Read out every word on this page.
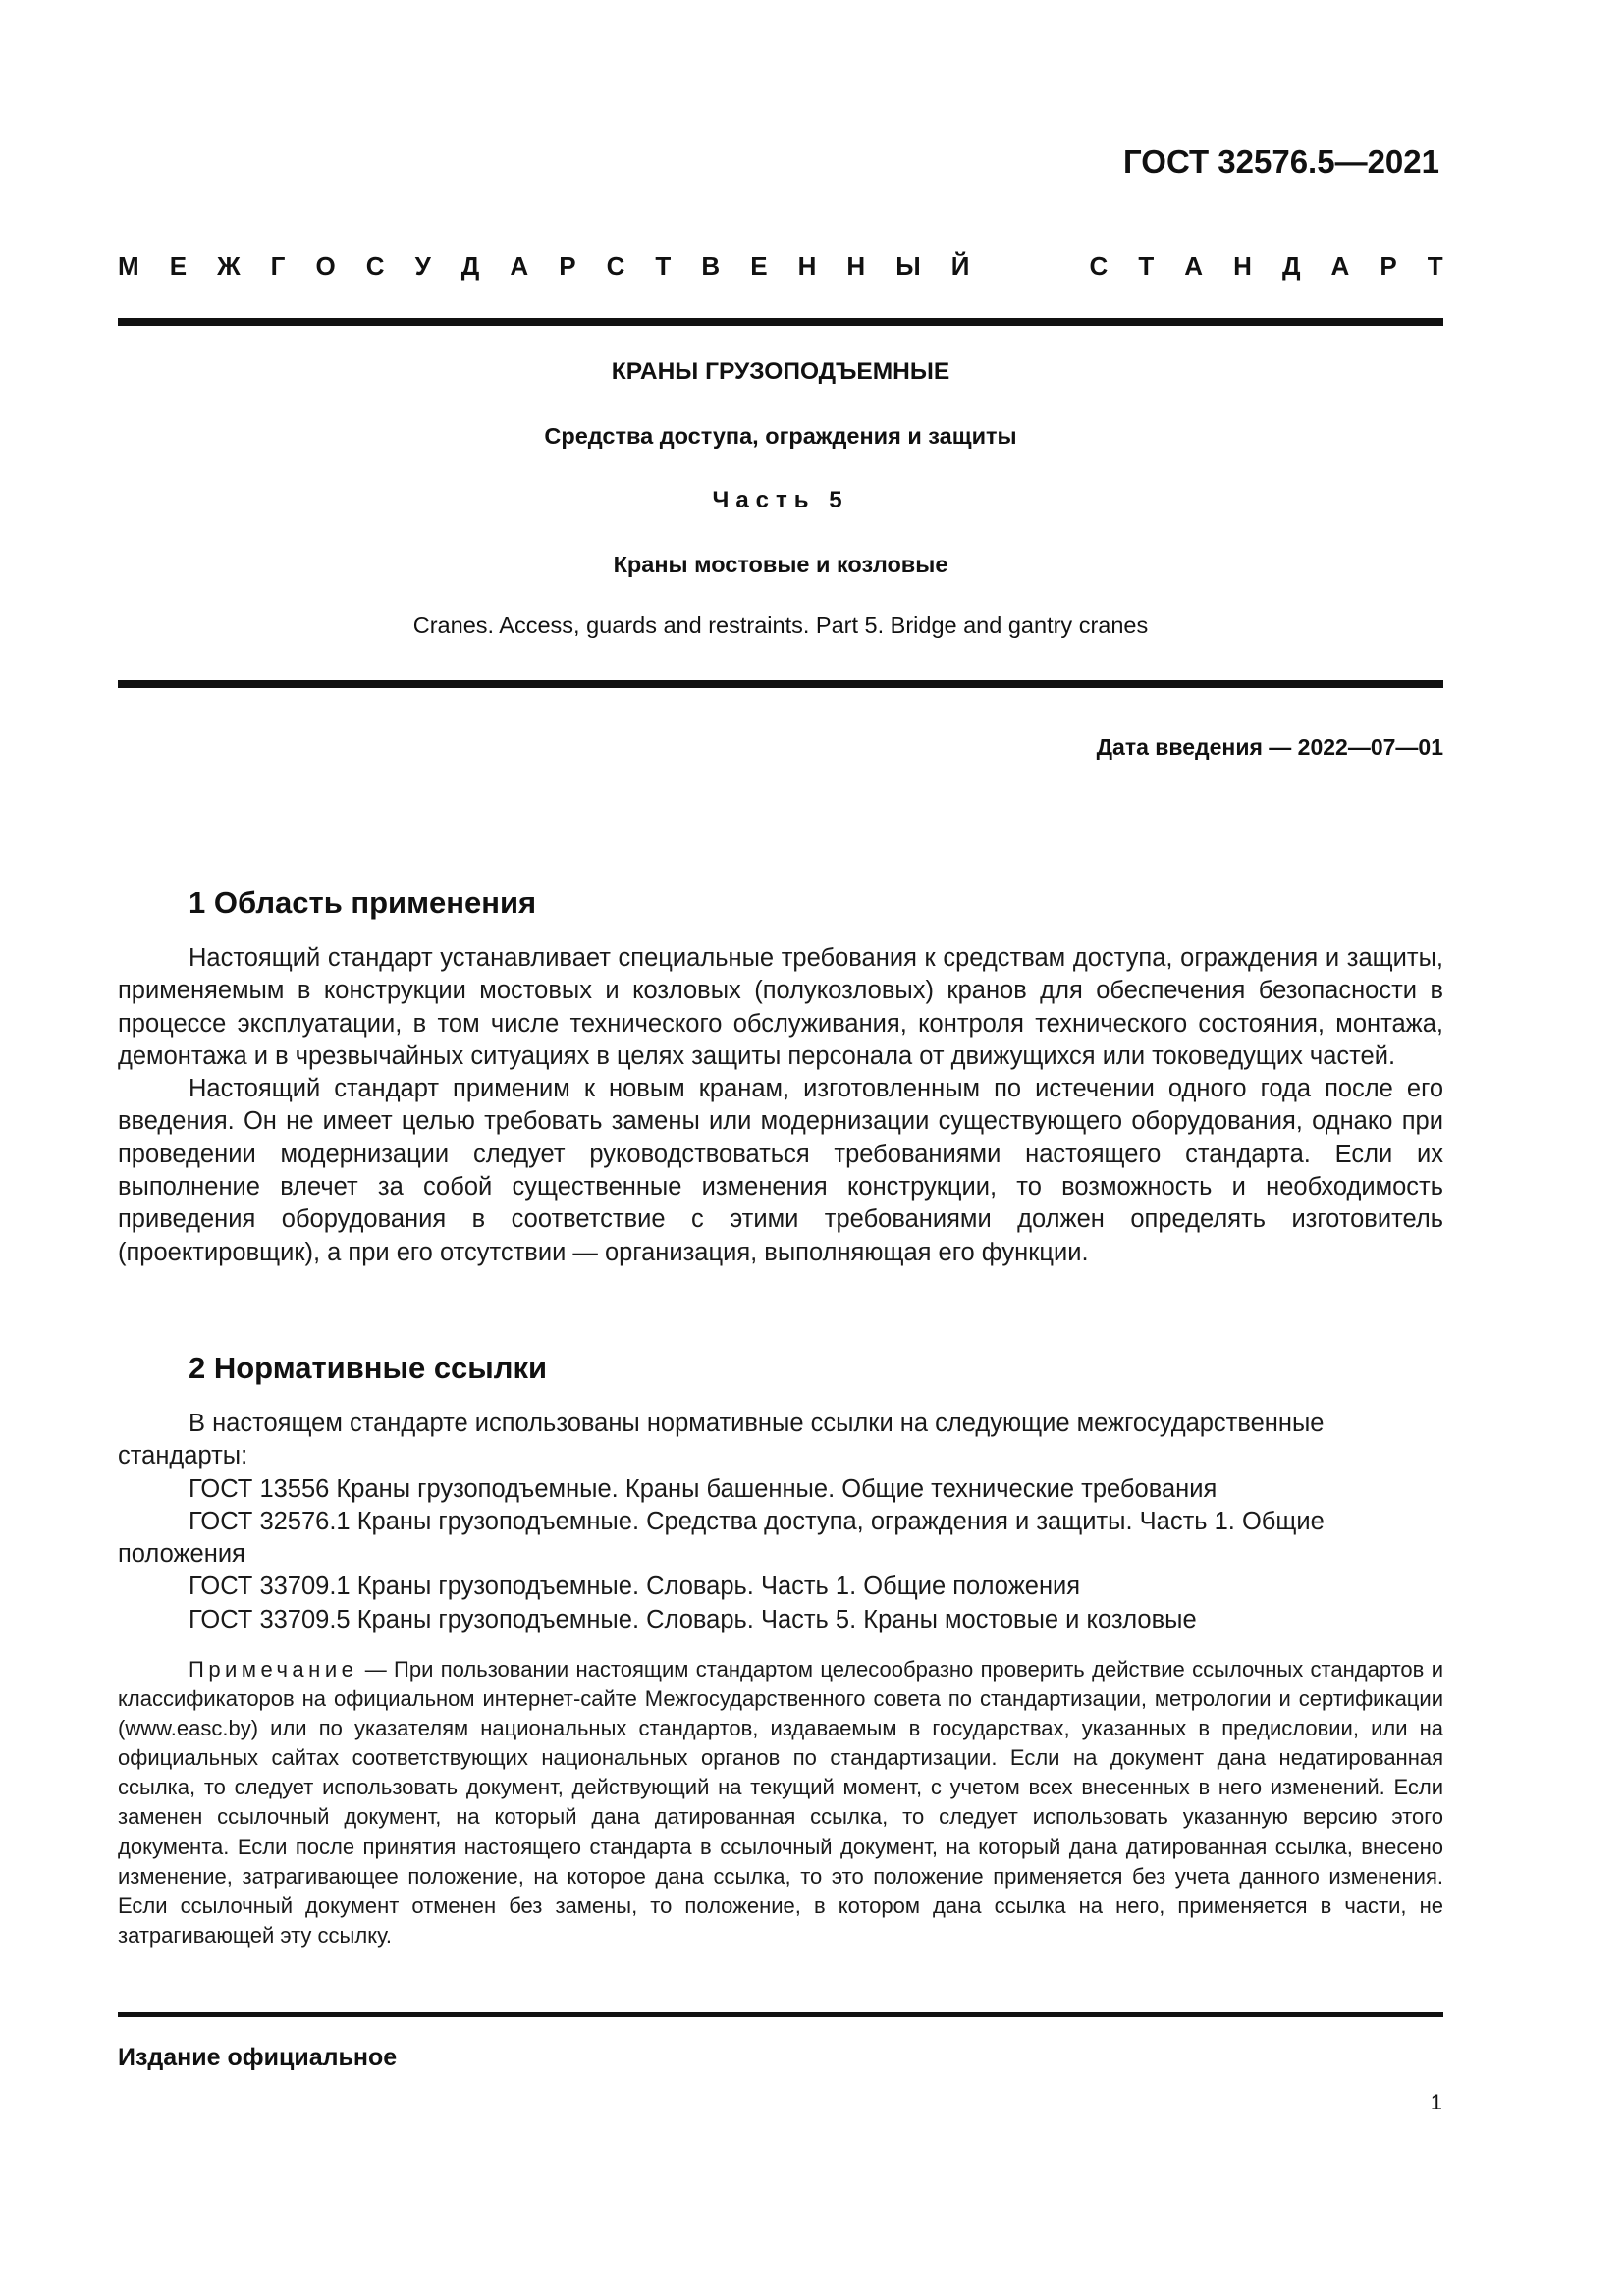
ГОСТ 32576.5—2021
М Е Ж Г О С У Д А Р С Т В Е Н Н Ы Й	С Т А Н Д А Р Т
КРАНЫ ГРУЗОПОДЪЕМНЫЕ
Средства доступа, ограждения и защиты
Часть 5
Краны мостовые и козловые
Cranes. Access, guards and restraints. Part 5. Bridge and gantry cranes
Дата введения — 2022—07—01
1 Область применения

Настоящий стандарт устанавливает специальные требования к средствам доступа, ограждения и защиты, применяемым в конструкции мостовых и козловых (полукозловых) кранов для обеспечения безопасности в процессе эксплуатации, в том числе технического обслуживания, контроля технического состояния, монтажа, демонтажа и в чрезвычайных ситуациях в целях защиты персонала от движущихся или токоведущих частей.

Настоящий стандарт применим к новым кранам, изготовленным по истечении одного года после его введения. Он не имеет целью требовать замены или модернизации существующего оборудования, однако при проведении модернизации следует руководствоваться требованиями настоящего стандарта. Если их выполнение влечет за собой существенные изменения конструкции, то возможность и необходимость приведения оборудования в соответствие с этими требованиями должен определять изготовитель (проектировщик), а при его отсутствии — организация, выполняющая его функции.

2 Нормативные ссылки

В настоящем стандарте использованы нормативные ссылки на следующие межгосударственные стандарты:

ГОСТ 13556 Краны грузоподъемные. Краны башенные. Общие технические требования

ГОСТ 32576.1 Краны грузоподъемные. Средства доступа, ограждения и защиты. Часть 1. Общие положения

ГОСТ 33709.1 Краны грузоподъемные. Словарь. Часть 1. Общие положения

ГОСТ 33709.5 Краны грузоподъемные. Словарь. Часть 5. Краны мостовые и козловые

Примечание — При пользовании настоящим стандартом целесообразно проверить действие ссылочных стандартов и классификаторов на официальном интернет-сайте Межгосударственного совета по стандартизации, метрологии и сертификации (www.easc.by) или по указателям национальных стандартов, издаваемым в государствах, указанных в предисловии, или на официальных сайтах соответствующих национальных органов по стандартизации. Если на документ дана недатированная ссылка, то следует использовать документ, действующий на текущий момент, с учетом всех внесенных в него изменений. Если заменен ссылочный документ, на который дана датированная ссылка, то следует использовать указанную версию этого документа. Если после принятия настоящего стандарта в ссылочный документ, на который дана датированная ссылка, внесено изменение, затрагивающее положение, на которое дана ссылка, то это положение применяется без учета данного изменения. Если ссылочный документ отменен без замены, то положение, в котором дана ссылка на него, применяется в части, не затрагивающей эту ссылку.

Издание официальное
1
